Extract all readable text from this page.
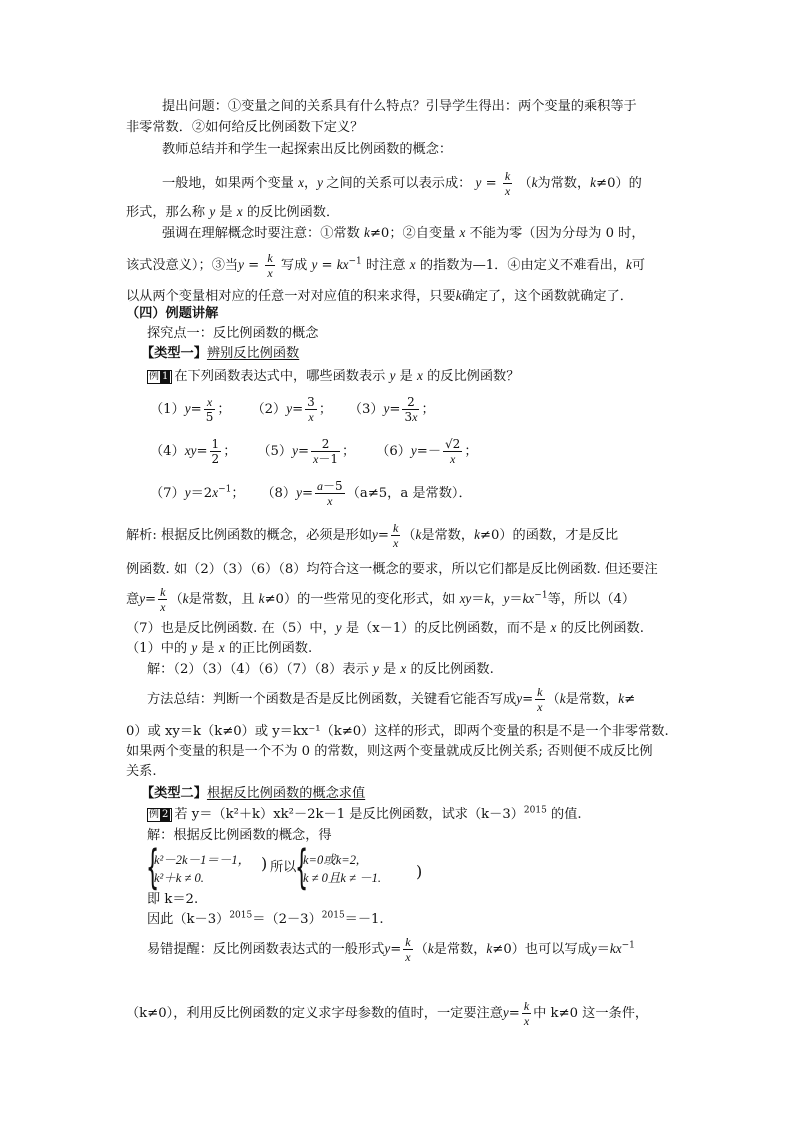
提出问题：①变量之间的关系具有什么特点？引导学生得出：两个变量的乘积等于
非零常数．②如何给反比例函数下定义？
教师总结并和学生一起探索出反比例函数的概念：
一般地，如果两个变量 x，y 之间的关系可以表示成： $y = \frac{k}{x} (k$为常数，k≠0）的
形式，那么称 y 是 x 的反比例函数．
强调在理解概念时要注意：①常数 k≠0；②自变量 x 不能为零（因为分母为 0 时，
该式没意义）；③当$y = \frac{k}{x}$ 写成 $y = kx^{-1}$ 时注意 x 的指数为—1．④由定义不难看出，k可
以从两个变量相对应的任意一对对应值的积来求得，只要k确定了，这个函数就确定了．
（四）例题讲解
探究点一：反比例函数的概念
【类型一】辨别反比例函数
例 1 在下列函数表达式中，哪些函数表示 y 是 x 的反比例函数？
$(1)y= \frac{x}{5}$ ；     $(2)y= \frac{3}{x}$ ；    $(3)y= \frac{2}{3x}$ ；
$(4)xy= \frac{1}{2}$ ；     $(5)y= \frac{2}{x-1}$ ；     $(6)y=- \frac{√2}{x}$ ；
$(7)y=2x^{-1}$；    $(8)y= \frac{a-5}{x} (a\ne 5$，a 是常数）．
解析: 根据反比例函数的概念，必须是形如$y= \frac{k}{x} (k$是常数，k≠0）的函数，才是反比
例函数. 如（2）（3）（6）（8）均符合这一概念的要求，所以它们都是反比例函数. 但还要注
意$y= \frac{k}{x} (k$是常数，且 k≠0）的一些常见的变化形式，如 xy＝k，$y=kx^{-1}$等，所以（4）
（7）也是反比例函数. 在（5）中，y 是（x－1）的反比例函数，而不是 x 的反比例函数.
（1）中的 y 是 x 的正比例函数.
解：（2）（3）（4）（6）（7）（8）表示 y 是 x 的反比例函数.
方法总结：判断一个函数是否是反比例函数，关键看它能否写成$y= \frac{k}{x} (k$是常数，k≠
0）或 xy＝k（k≠0）或 y＝kx⁻¹（k≠0）这样的形式，即两个变量的积是不是一个非零常数.
如果两个变量的积是一个不为 0 的常数，则这两个变量就成反比例关系; 否则便不成反比例
关系.
【类型二】根据反比例函数的概念求值
例 2 若 y＝（k²＋k）xk²－2k－1 是反比例函数，试求$(k-3)^{2015}$ 的值.
解：根据反比例函数的概念，得
{
k²－2k－1＝－1，
k²＋k ≠ 0.
) 所以
{
k=0或k=2,
k ≠ 0且k ≠ －1. )
即 k＝2.
因此$(k-3)^{2015}=(2-3)^{2015}=-1$.
易错提醒：反比例函数表达式的一般形式$y= \frac{k}{x} (k$是常数，k≠0）也可以写成$y=kx^{-1}$
（k≠0），利用反比例函数的定义求字母参数的值时，一定要注意$y= \frac{k}{x}$ 中 k≠0 这一条件，
